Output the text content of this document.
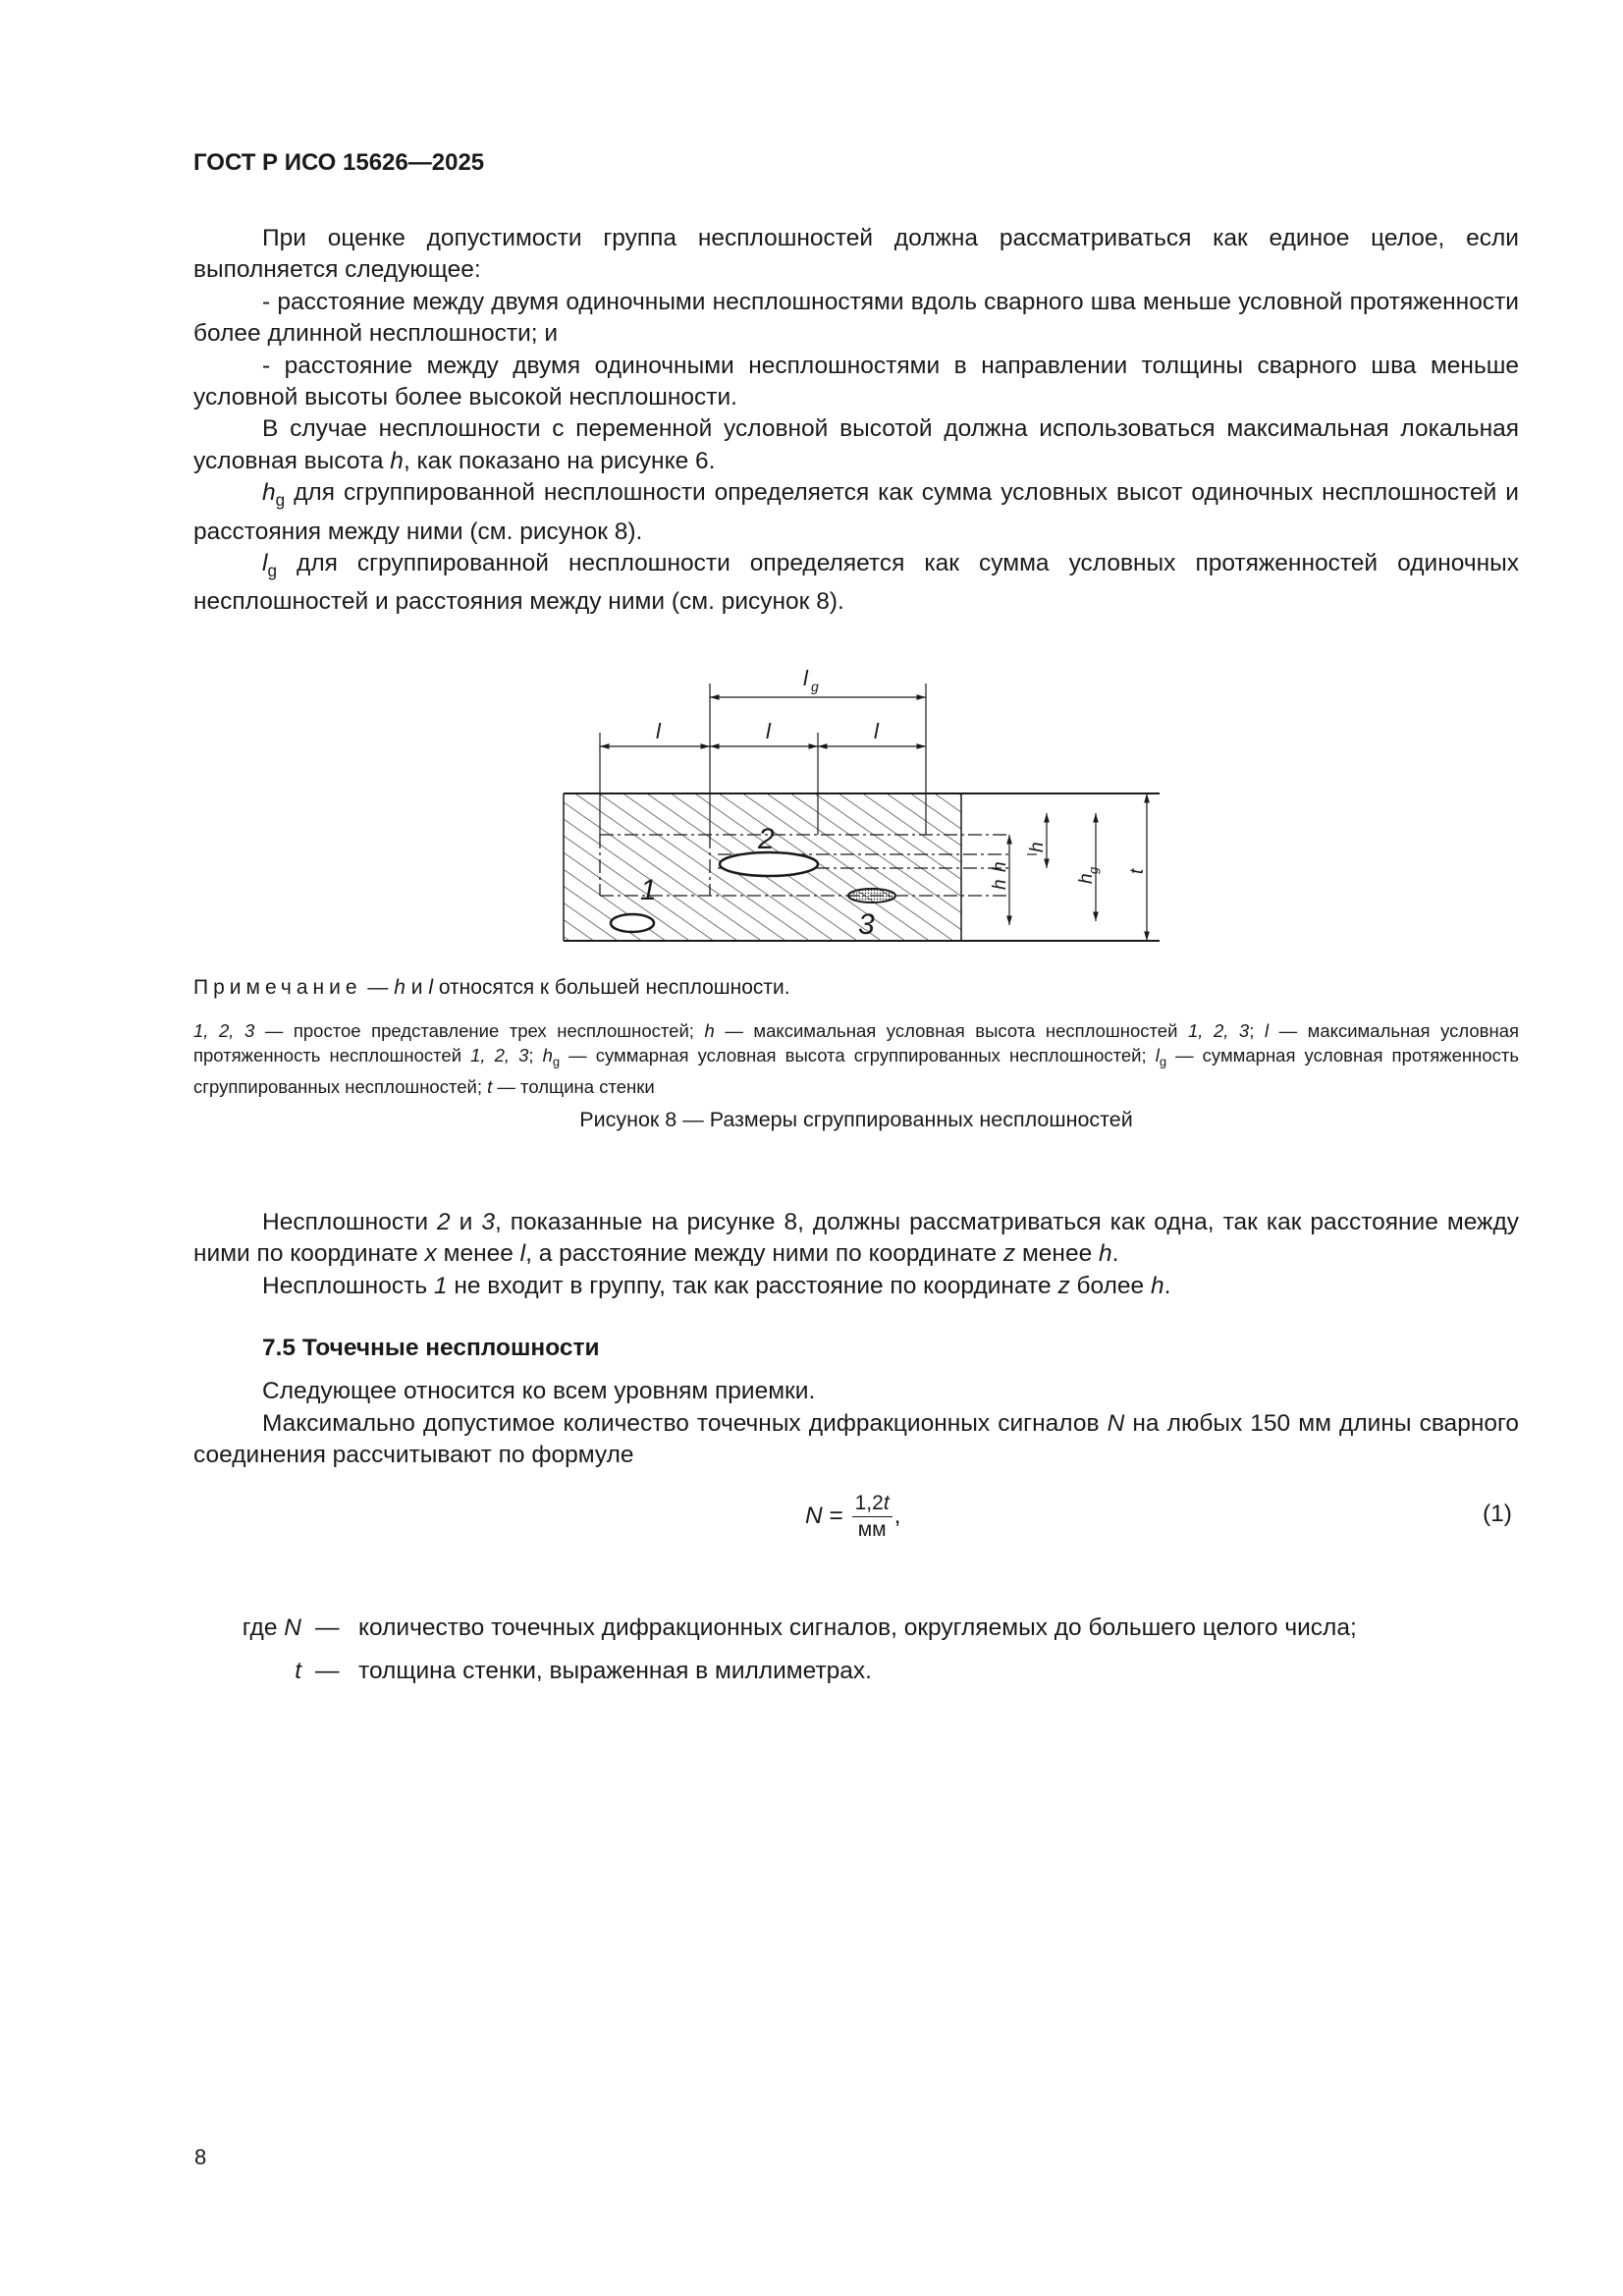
ГОСТ Р ИСО 15626—2025

При оценке допустимости группа несплошностей должна рассматриваться как единое целое, если выполняется следующее:

- расстояние между двумя одиночными несплошностями вдоль сварного шва меньше условной протяженности более длинной несплошности; и

- расстояние между двумя одиночными несплошностями в направлении толщины сварного шва меньше условной высоты более высокой несплошности.

В случае несплошности с переменной условной высотой должна использоваться максимальная локальная условная высота h, как показано на рисунке 6.

$h_g$ для сгруппированной несплошности определяется как сумма условных высот одиночных несплошностей и расстояния между ними (см. рисунок 8).

$l_g$ для сгруппированной несплошности определяется как сумма условных протяженностей одиночных несплошностей и расстояния между ними (см. рисунок 8).

l g
l	l	l
2
1
3
h
h
h
h
g t
Примечание — h и l относятся к большей несплошности.
1, 2, 3 — простое представление трех несплошностей; h — максимальная условная высота несплошностей 1, 2, 3; l — максимальная условная протяженность несплошностей 1, 2, 3; $h_g$ — суммарная условная высота сгруппированных несплошностей; $l_g$ — суммарная условная протяженность сгруппированных несплошностей; t — толщина стенки
Рисунок 8 — Размеры сгруппированных несплошностей

Несплошности 2 и 3, показанные на рисунке 8, должны рассматриваться как одна, так как расстояние между ними по координате x менее l, а расстояние между ними по координате z менее h.

Несплошность 1 не входит в группу, так как расстояние по координате z более h.

7.5 Точечные несплошности

Следующее относится ко всем уровням приемки.

Максимально допустимое количество точечных дифракционных сигналов N на любых 150 мм длины сварного соединения рассчитывают по формуле

$N = \frac{1,2t}{мм}$ ,	(1)
где N — количество точечных дифракционных сигналов, округляемых до большего целого числа;
t — толщина стенки, выраженная в миллиметрах.
8
